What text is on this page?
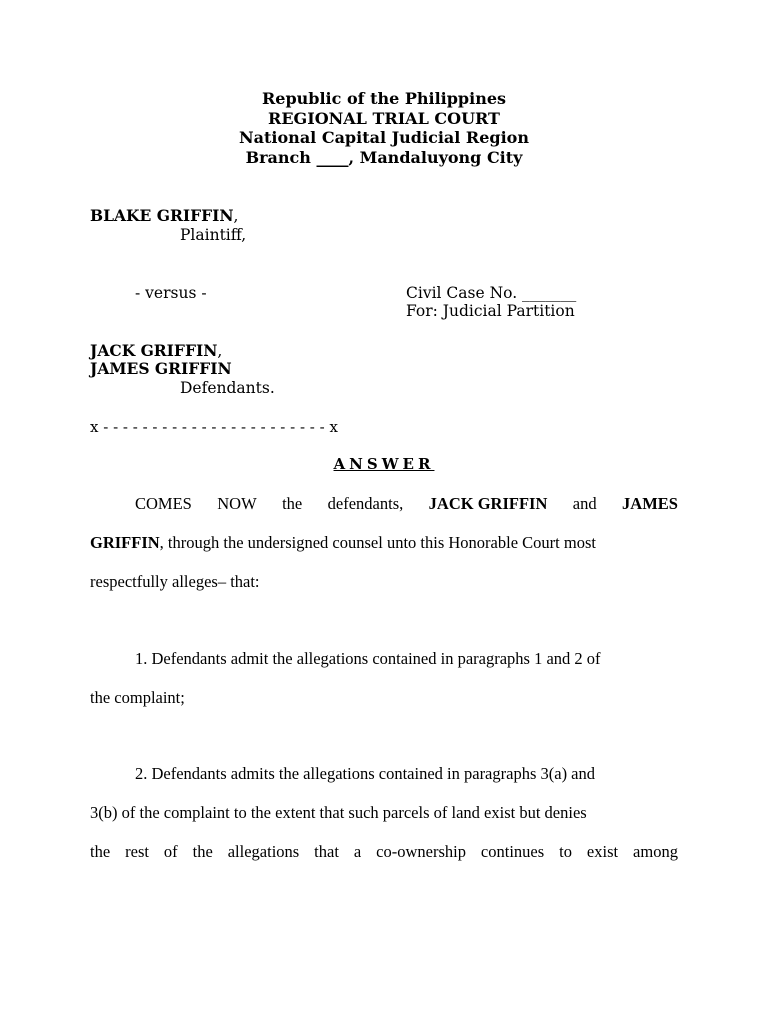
Republic of the Philippines
REGIONAL TRIAL COURT
National Capital Judicial Region
Branch ____, Mandaluyong City
BLAKE GRIFFIN,
Plaintiff,
- versus -	Civil Case No. _______
For: Judicial Partition
JACK GRIFFIN,
JAMES GRIFFIN
Defendants.
x - - - - - - - - - - - - - - - - - - - - - - - x
ANSWER
COMES NOW the defendants, JACK GRIFFIN and JAMES
GRIFFIN, through the undersigned counsel unto this Honorable Court most
respectfully alleges– that:
1. Defendants admit the allegations contained in paragraphs 1 and 2 of
the complaint;
2. Defendants admits the allegations contained in paragraphs 3(a) and
3(b) of the complaint to the extent that such parcels of land exist but denies
the rest of the allegations that a co-ownership continues to exist among
